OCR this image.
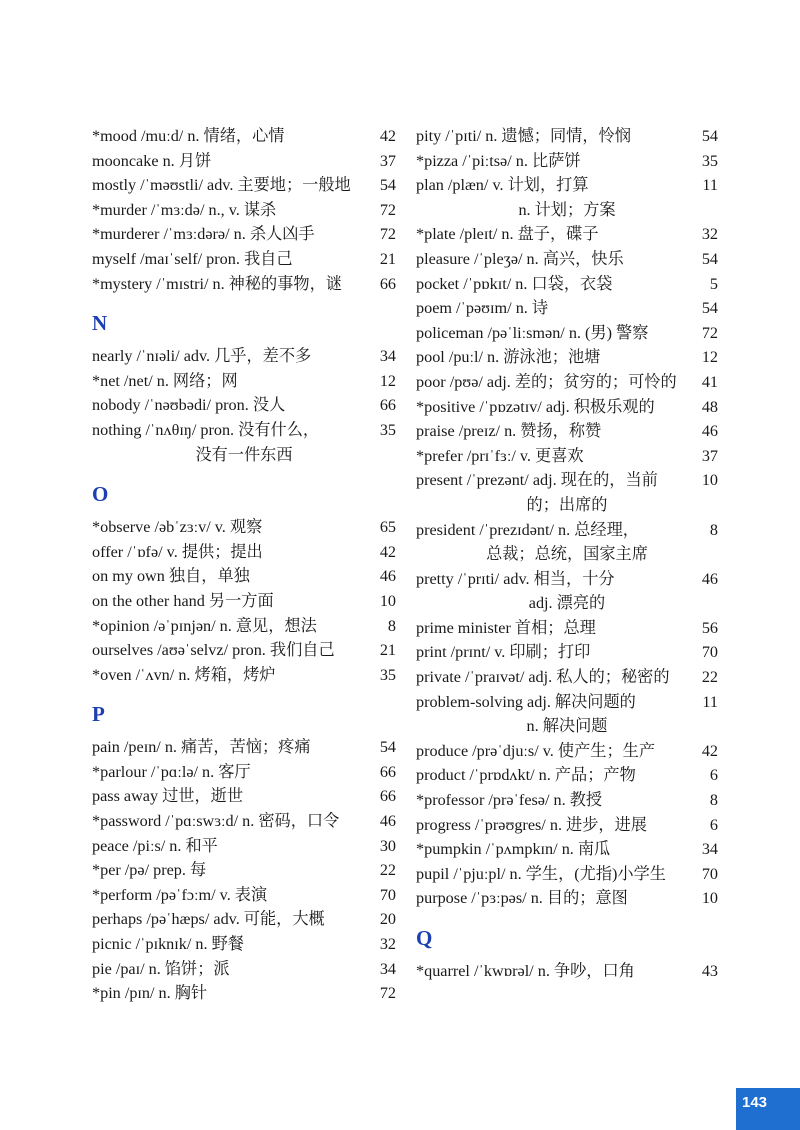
*mood /muːd/ n. 情绪，心情	42
mooncake n. 月饼	37
mostly /ˈməʊstli/ adv. 主要地；一般地 54
*murder /ˈmɜːdə/ n., v. 谋杀	72
*murderer /ˈmɜːdərə/ n. 杀人凶手	72
myself /maɪˈself/ pron. 我自己	21
*mystery /ˈmɪstri/ n. 神秘的事物，谜 66
N
nearly /ˈnɪəli/ adv. 几乎，差不多	34
*net /net/ n. 网络；网	12
nobody /ˈnəʊbədi/ pron. 没人	66
nothing /ˈnʌθɪŋ/ pron. 没有什么，	35
没有一件东西
O
*observe /əbˈzɜːv/ v. 观察	65
offer /ˈɒfə/ v. 提供；提出	42
on my own 独自，单独	46
on the other hand 另一方面	10
*opinion /əˈpɪnjən/ n. 意见，想法	8
ourselves /aʊəˈselvz/ pron. 我们自己	21
*oven /ˈʌvn/ n. 烤箱，烤炉	35
P
pain /peɪn/ n. 痛苦，苦恼；疼痛	54
*parlour /ˈpɑːlə/ n. 客厅	66
pass away 过世，逝世	66
*password /ˈpɑːswɜːd/ n. 密码，口令	46
peace /piːs/ n. 和平	30
*per /pə/ prep. 每	22
*perform /pəˈfɔːm/ v. 表演	70
perhaps /pəˈhæps/ adv. 可能，大概	20
picnic /ˈpɪknɪk/ n. 野餐	32
pie /paɪ/ n. 馅饼；派	34
*pin /pɪn/ n. 胸针	72
pity /ˈpɪti/ n. 遗憾；同情，怜悯	54
*pizza /ˈpiːtsə/ n. 比萨饼	35
plan /plæn/ v. 计划，打算	11
n. 计划；方案
*plate /pleɪt/ n. 盘子，碟子	32
pleasure /ˈpleʒə/ n. 高兴，快乐	54
pocket /ˈpɒkɪt/ n. 口袋，衣袋	5
poem /ˈpəʊɪm/ n. 诗	54
policeman /pəˈliːsmən/ n. (男) 警察	72
pool /puːl/ n. 游泳池；池塘	12
poor /pʊə/ adj. 差的；贫穷的；可怜的 41
*positive /ˈpɒzətɪv/ adj. 积极乐观的	48
praise /preɪz/ n. 赞扬，称赞	46
*prefer /prɪˈfɜː/ v. 更喜欢	37
present /ˈprezənt/ adj. 现在的，当前	10
的；出席的
president /ˈprezɪdənt/ n. 总经理，	8
总裁；总统，国家主席
pretty /ˈprɪti/ adv. 相当，十分	46
adj. 漂亮的
prime minister 首相；总理	56
print /prɪnt/ v. 印刷；打印	70
private /ˈpraɪvət/ adj. 私人的；秘密的 22
problem-solving adj. 解决问题的	11
n. 解决问题
produce /prəˈdjuːs/ v. 使产生；生产	42
product /ˈprɒdʌkt/ n. 产品；产物	6
*professor /prəˈfesə/ n. 教授	8
progress /ˈprəʊgres/ n. 进步，进展	6
*pumpkin /ˈpʌmpkɪn/ n. 南瓜	34
pupil /ˈpjuːpl/ n. 学生，(尤指)小学生 70
purpose /ˈpɜːpəs/ n. 目的；意图	10
Q
*quarrel /ˈkwɒrəl/ n. 争吵，口角	43
143
